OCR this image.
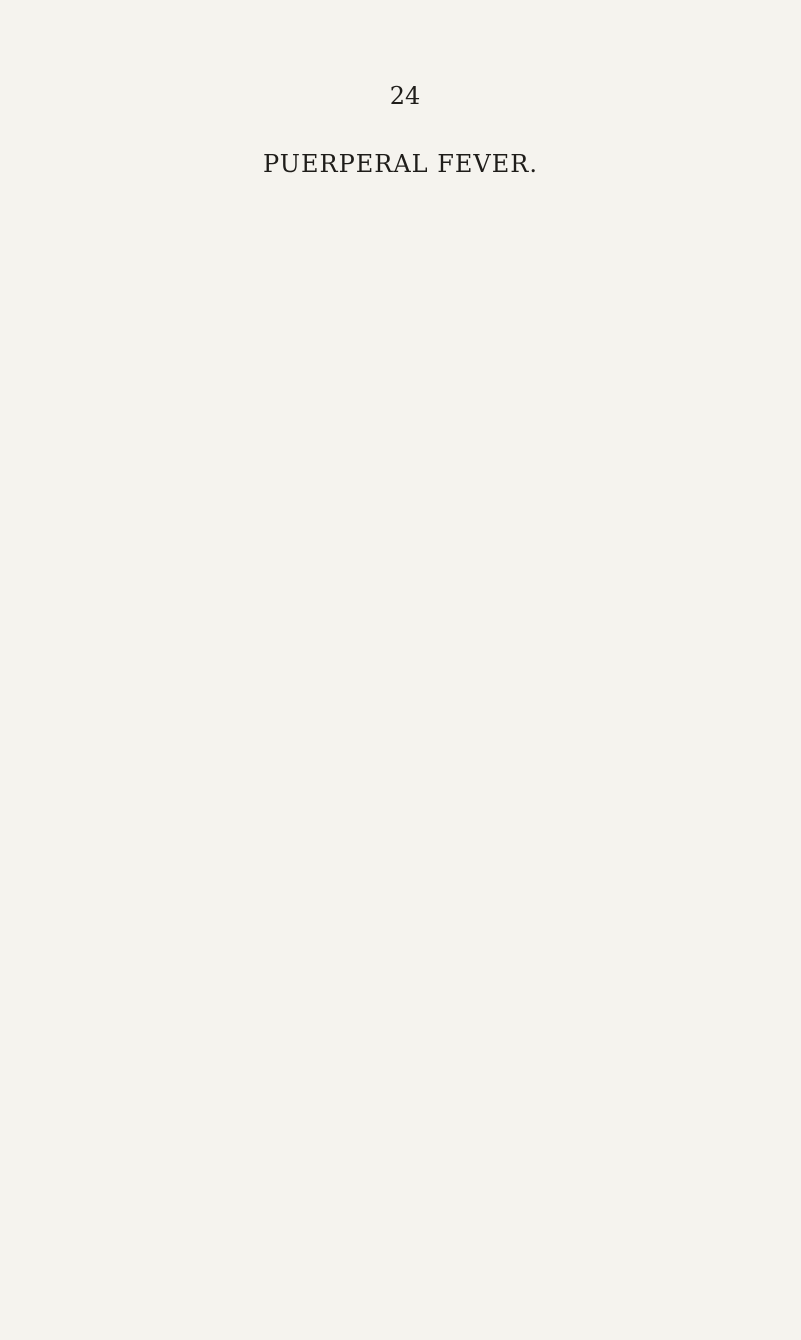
24
PUERPERAL FEVER.
